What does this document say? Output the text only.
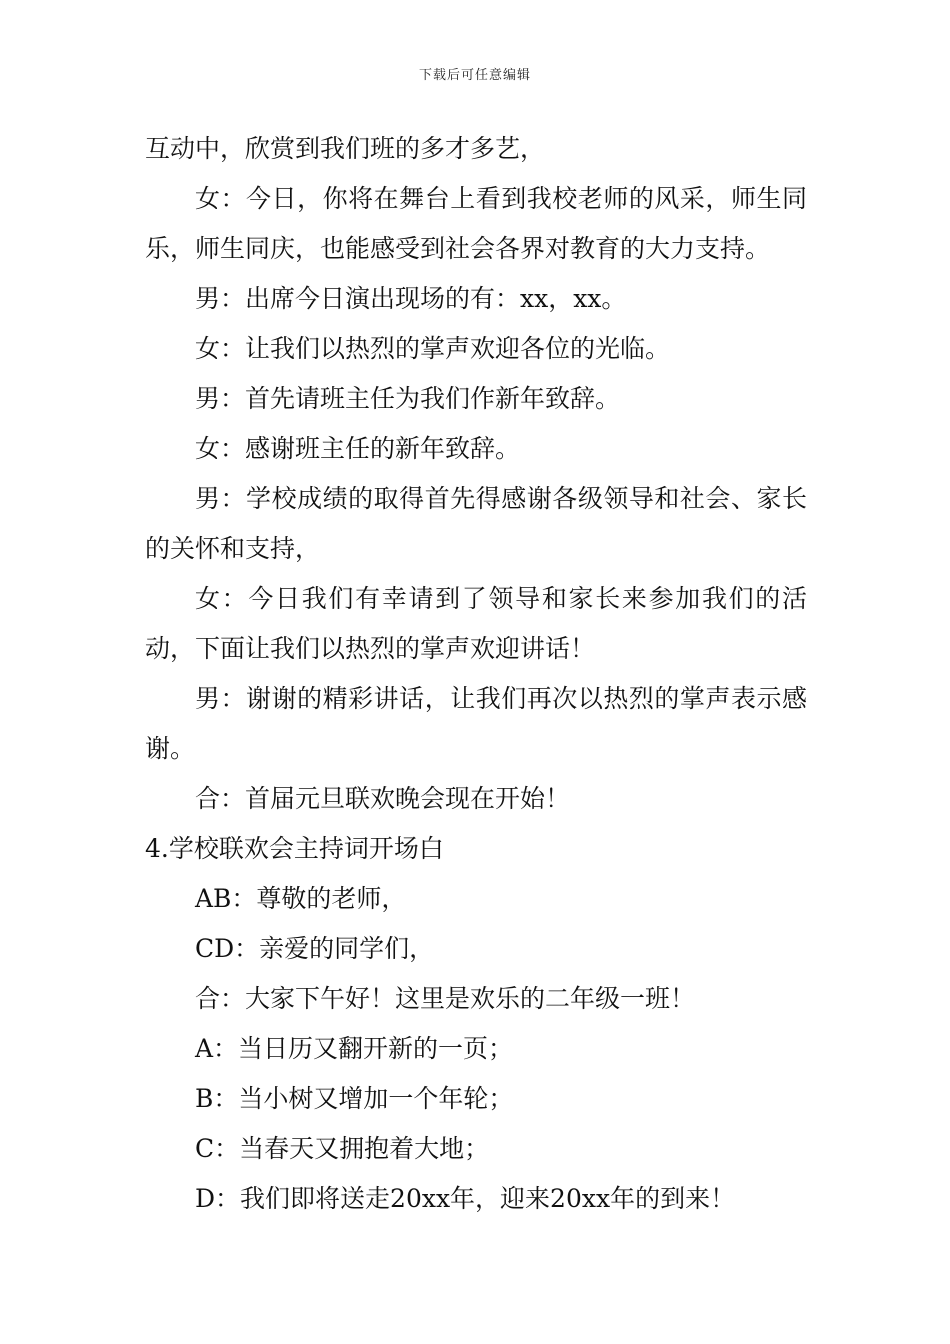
下载后可任意编辑

互动中，欣赏到我们班的多才多艺，

女：今日，你将在舞台上看到我校老师的风采，师生同乐，师生同庆，也能感受到社会各界对教育的大力支持。

男：出席今日演出现场的有：xx，xx。

女：让我们以热烈的掌声欢迎各位的光临。

男：首先请班主任为我们作新年致辞。

女：感谢班主任的新年致辞。

男：学校成绩的取得首先得感谢各级领导和社会、家长的关怀和支持，

女：今日我们有幸请到了领导和家长来参加我们的活动，下面让我们以热烈的掌声欢迎讲话！

男：谢谢的精彩讲话，让我们再次以热烈的掌声表示感谢。

合：首届元旦联欢晚会现在开始！

4.学校联欢会主持词开场白

AB：尊敬的老师，

CD：亲爱的同学们，

合：大家下午好！这里是欢乐的二年级一班！

A：当日历又翻开新的一页；

B：当小树又增加一个年轮；

C：当春天又拥抱着大地；

D：我们即将送走20xx年，迎来20xx年的到来！
